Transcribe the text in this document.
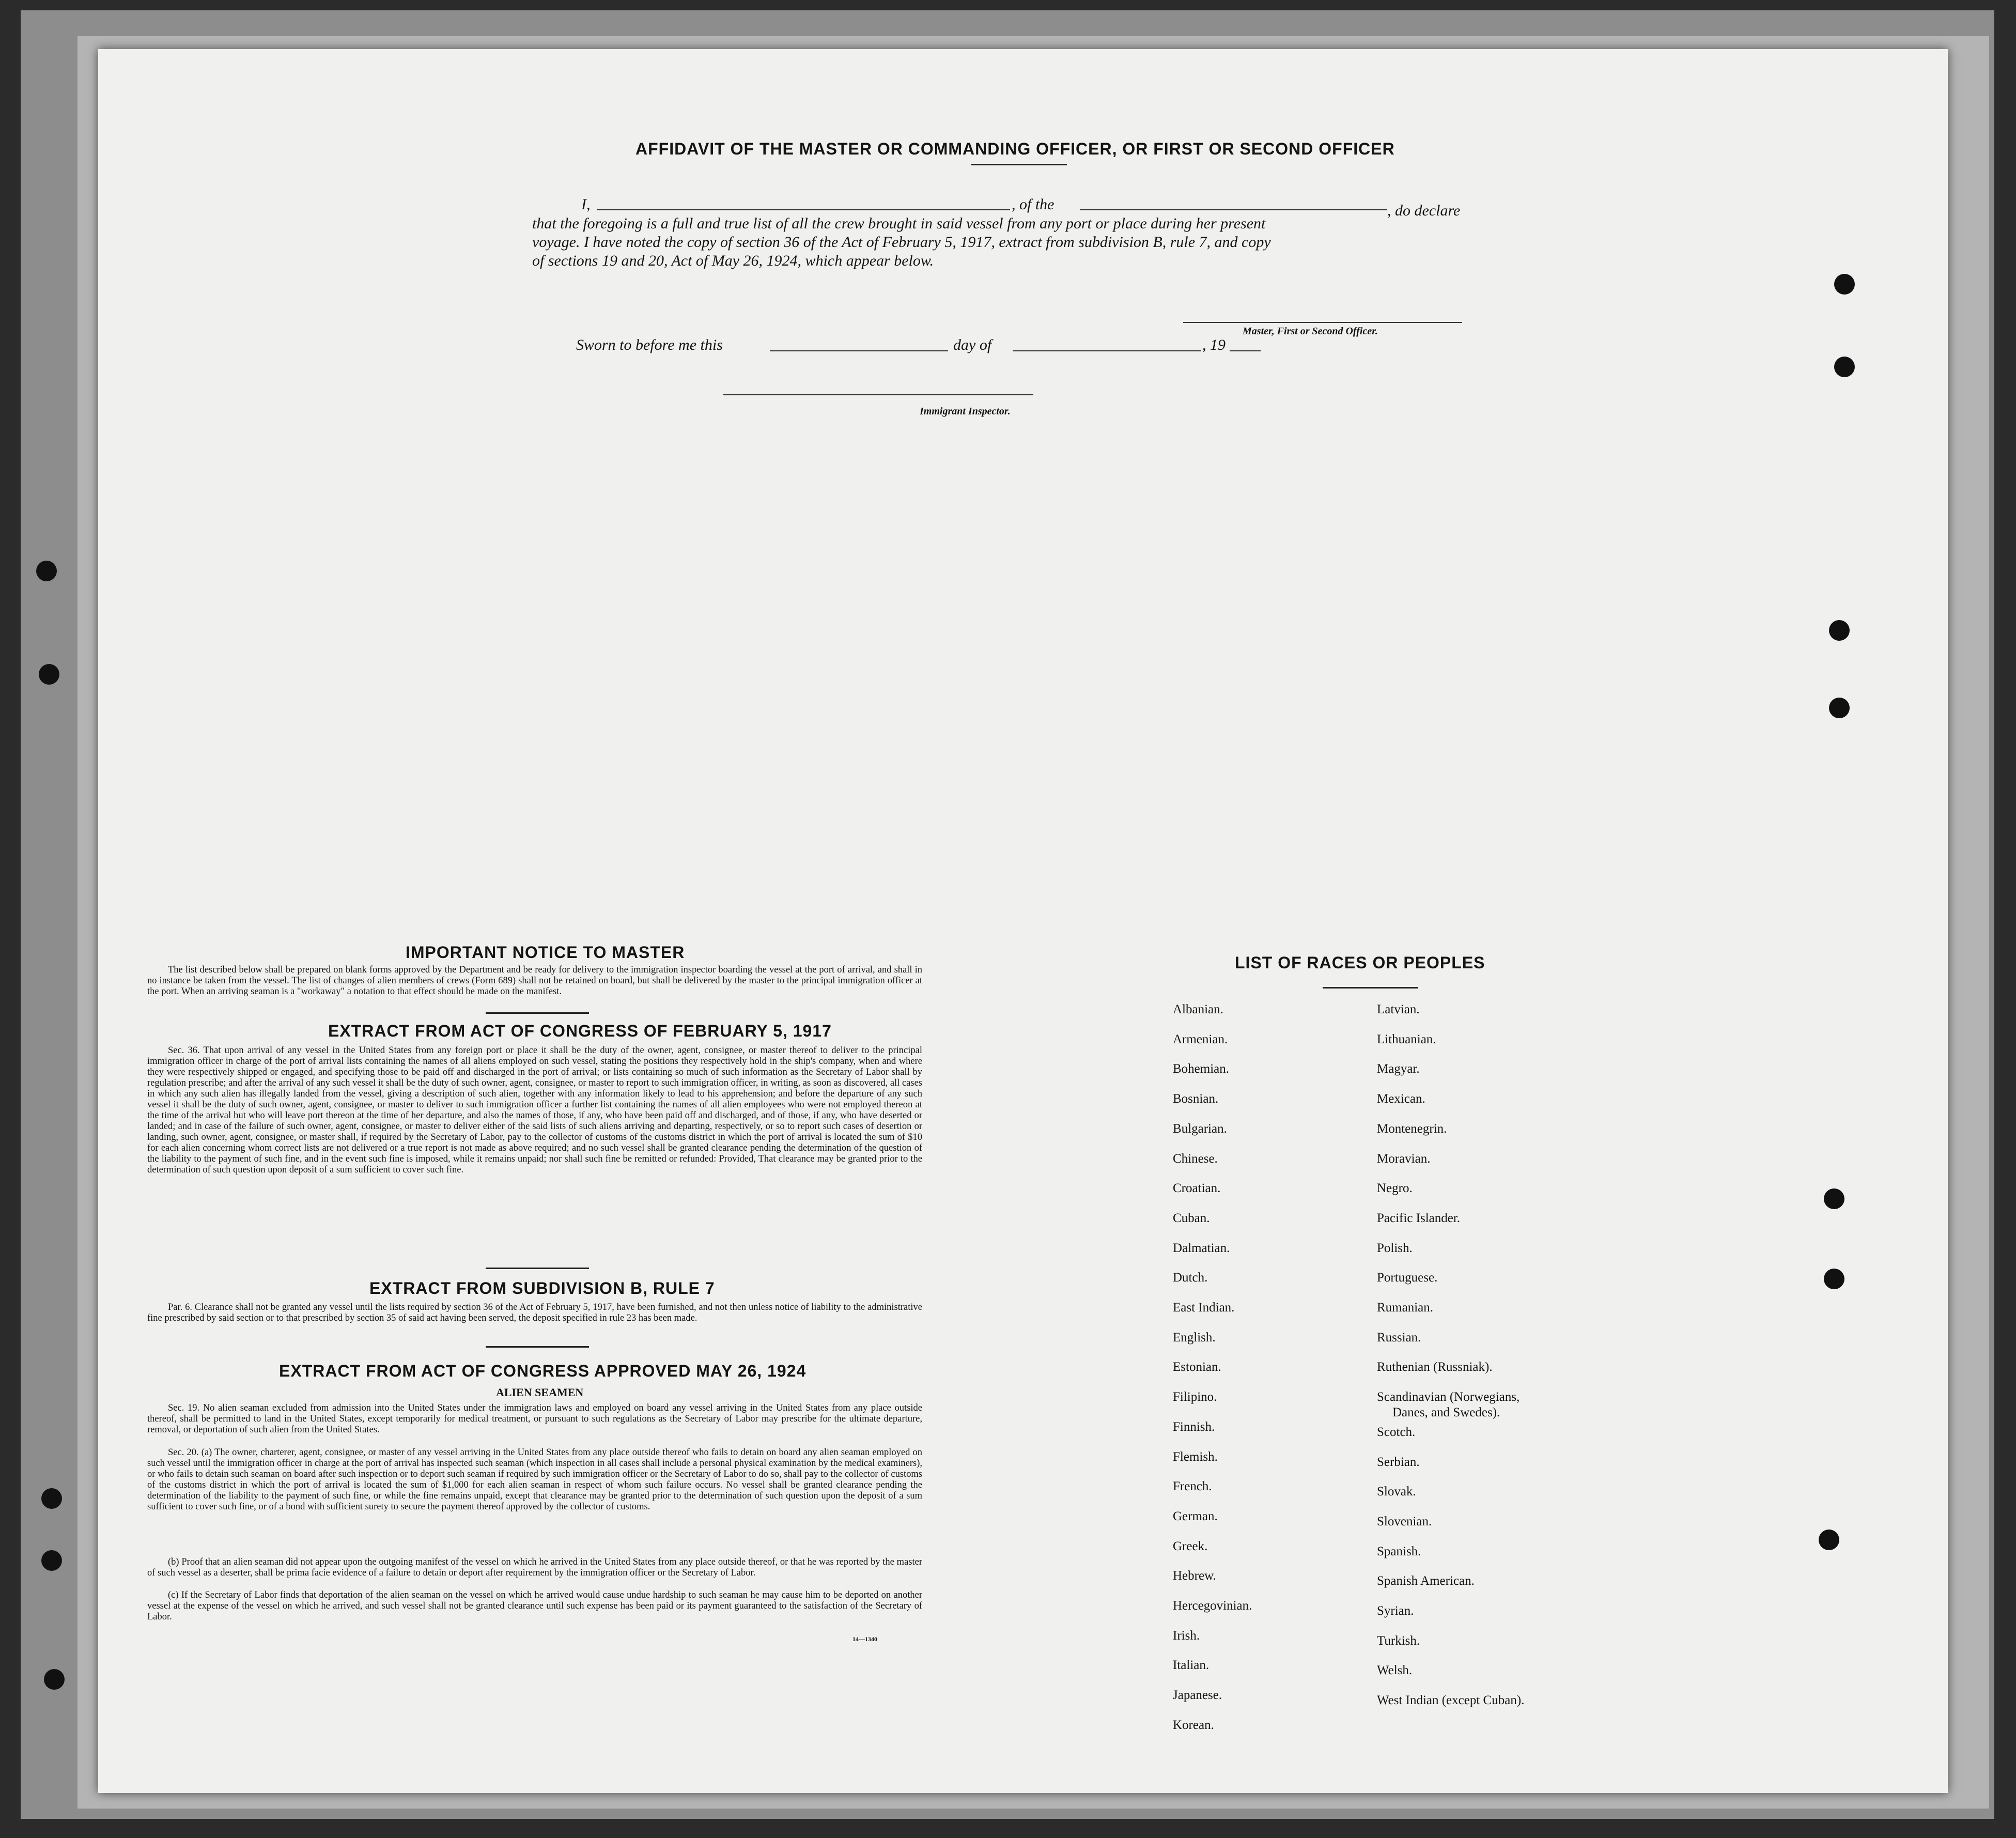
AFFIDAVIT OF THE MASTER OR COMMANDING OFFICER, OR FIRST OR SECOND OFFICER
I,	, of the	, do declare
that the foregoing is a full and true list of all the crew brought in said vessel from any port or place during her present
voyage. I have noted the copy of section 36 of the Act of February 5, 1917, extract from subdivision B, rule 7, and copy
of sections 19 and 20, Act of May 26, 1924, which appear below.
Master, First or Second Officer.
Sworn to before me this	day of	, 19
Immigrant Inspector.
IMPORTANT NOTICE TO MASTER
The list described below shall be prepared on blank forms approved by the Department and be ready for delivery to the immigration inspector boarding the vessel at the port of arrival, and shall in no instance be taken from the vessel. The list of changes of alien members of crews (Form 689) shall not be retained on board, but shall be delivered by the master to the principal immigration officer at the port. When an arriving seaman is a "workaway" a notation to that effect should be made on the manifest.
EXTRACT FROM ACT OF CONGRESS OF FEBRUARY 5, 1917
Sec. 36. That upon arrival of any vessel in the United States from any foreign port or place it shall be the duty of the owner, agent, consignee, or master thereof to deliver to the principal immigration officer in charge of the port of arrival lists containing the names of all aliens employed on such vessel, stating the positions they respectively hold in the ship's company, when and where they were respectively shipped or engaged, and specifying those to be paid off and discharged in the port of arrival; or lists containing so much of such information as the Secretary of Labor shall by regulation prescribe; and after the arrival of any such vessel it shall be the duty of such owner, agent, consignee, or master to report to such immigration officer, in writing, as soon as discovered, all cases in which any such alien has illegally landed from the vessel, giving a description of such alien, together with any information likely to lead to his apprehension; and before the departure of any such vessel it shall be the duty of such owner, agent, consignee, or master to deliver to such immigration officer a further list containing the names of all alien employees who were not employed thereon at the time of the arrival but who will leave port thereon at the time of her departure, and also the names of those, if any, who have been paid off and discharged, and of those, if any, who have deserted or landed; and in case of the failure of such owner, agent, consignee, or master to deliver either of the said lists of such aliens arriving and departing, respectively, or so to report such cases of desertion or landing, such owner, agent, consignee, or master shall, if required by the Secretary of Labor, pay to the collector of customs of the customs district in which the port of arrival is located the sum of $10 for each alien concerning whom correct lists are not delivered or a true report is not made as above required; and no such vessel shall be granted clearance pending the determination of the question of the liability to the payment of such fine, and in the event such fine is imposed, while it remains unpaid; nor shall such fine be remitted or refunded: Provided, That clearance may be granted prior to the determination of such question upon deposit of a sum sufficient to cover such fine.
EXTRACT FROM SUBDIVISION B, RULE 7
Par. 6. Clearance shall not be granted any vessel until the lists required by section 36 of the Act of February 5, 1917, have been furnished, and not then unless notice of liability to the administrative fine prescribed by said section or to that prescribed by section 35 of said act having been served, the deposit specified in rule 23 has been made.
EXTRACT FROM ACT OF CONGRESS APPROVED MAY 26, 1924
ALIEN SEAMEN
Sec. 19. No alien seaman excluded from admission into the United States under the immigration laws and employed on board any vessel arriving in the United States from any place outside thereof, shall be permitted to land in the United States, except temporarily for medical treatment, or pursuant to such regulations as the Secretary of Labor may prescribe for the ultimate departure, removal, or deportation of such alien from the United States.
Sec. 20. (a) The owner, charterer, agent, consignee, or master of any vessel arriving in the United States from any place outside thereof who fails to detain on board any alien seaman employed on such vessel until the immigration officer in charge at the port of arrival has inspected such seaman (which inspection in all cases shall include a personal physical examination by the medical examiners), or who fails to detain such seaman on board after such inspection or to deport such seaman if required by such immigration officer or the Secretary of Labor to do so, shall pay to the collector of customs of the customs district in which the port of arrival is located the sum of $1,000 for each alien seaman in respect of whom such failure occurs. No vessel shall be granted clearance pending the determination of the liability to the payment of such fine, or while the fine remains unpaid, except that clearance may be granted prior to the determination of such question upon the deposit of a sum sufficient to cover such fine, or of a bond with sufficient surety to secure the payment thereof approved by the collector of customs.
(b) Proof that an alien seaman did not appear upon the outgoing manifest of the vessel on which he arrived in the United States from any place outside thereof, or that he was reported by the master of such vessel as a deserter, shall be prima facie evidence of a failure to detain or deport after requirement by the immigration officer or the Secretary of Labor.
(c) If the Secretary of Labor finds that deportation of the alien seaman on the vessel on which he arrived would cause undue hardship to such seaman he may cause him to be deported on another vessel at the expense of the vessel on which he arrived, and such vessel shall not be granted clearance until such expense has been paid or its payment guaranteed to the satisfaction of the Secretary of Labor.
14—1340
LIST OF RACES OR PEOPLES
Albanian.
Armenian.
Bohemian.
Bosnian.
Bulgarian.
Chinese.
Croatian.
Cuban.
Dalmatian.
Dutch.
East Indian.
English.
Estonian.
Filipino.
Finnish.
Flemish.
French.
German.
Greek.
Hebrew.
Hercegovinian.
Irish.
Italian.
Japanese.
Korean.
Latvian.
Lithuanian.
Magyar.
Mexican.
Montenegrin.
Moravian.
Negro.
Pacific Islander.
Polish.
Portuguese.
Rumanian.
Russian.
Ruthenian (Russniak).
Scandinavian (Norwegians,
Danes, and Swedes).
Scotch.
Serbian.
Slovak.
Slovenian.
Spanish.
Spanish American.
Syrian.
Turkish.
Welsh.
West Indian (except Cuban).
